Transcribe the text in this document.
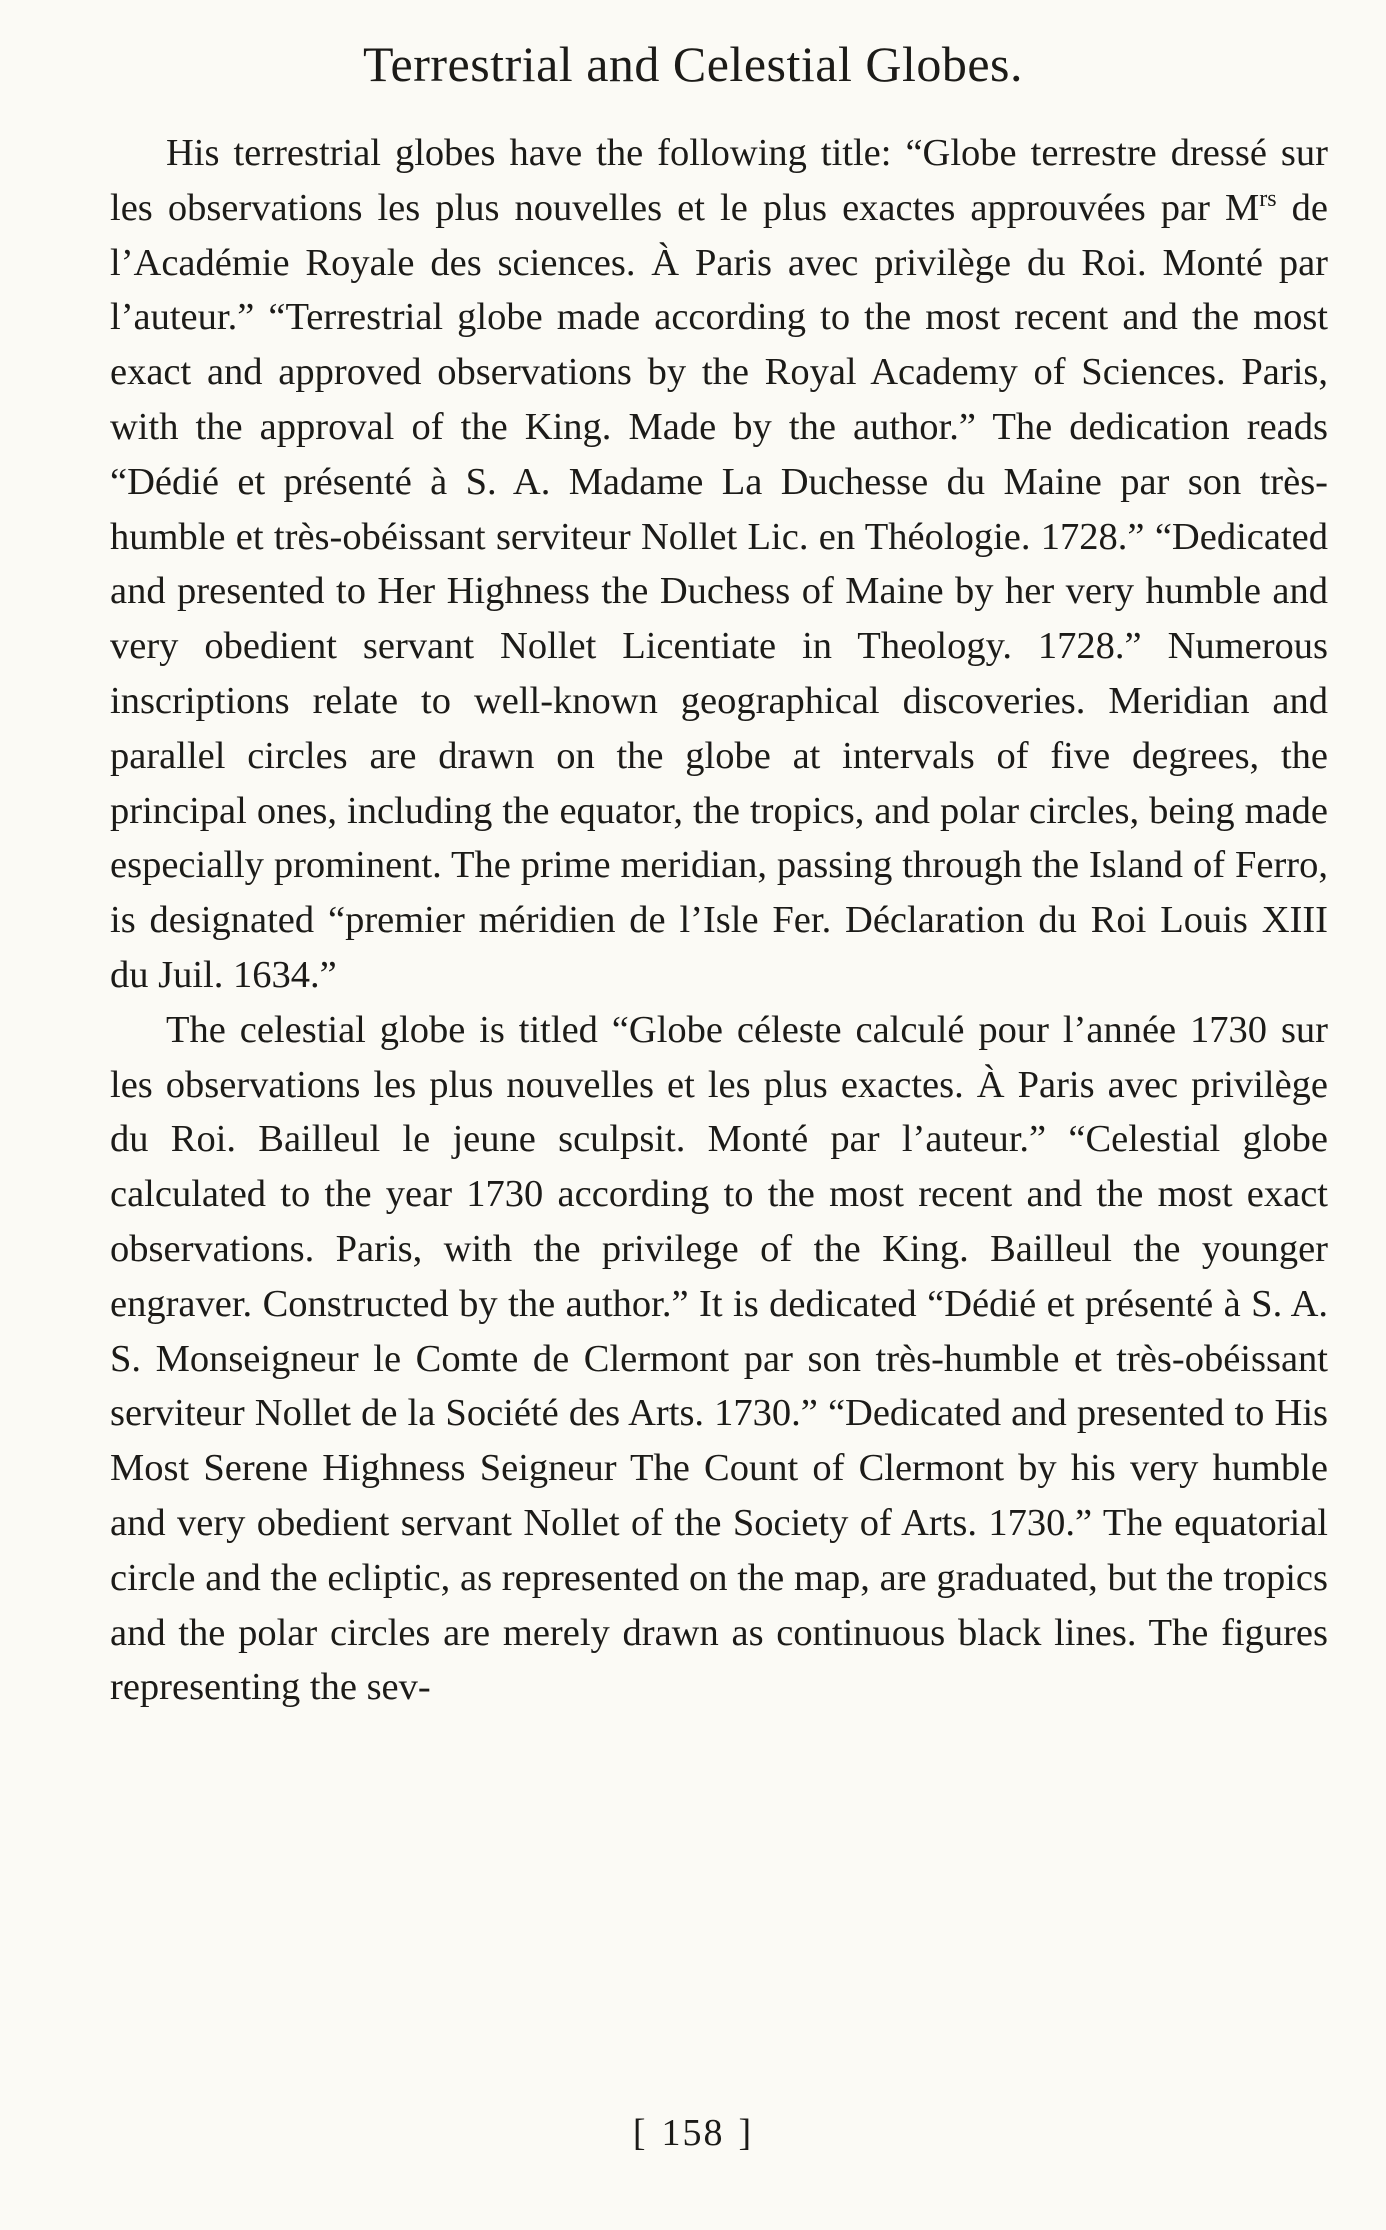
Terrestrial and Celestial Globes.

His terrestrial globes have the following title: “Globe terrestre dressé sur les observations les plus nouvelles et le plus exactes approuvées par $M^{rs}$ de l’Académie Royale des sciences. À Paris avec privilège du Roi. Monté par l’auteur.” “Terrestrial globe made according to the most recent and the most exact and approved observations by the Royal Academy of Sciences. Paris, with the approval of the King. Made by the author.” The dedication reads “Dédié et présenté à S. A. Madame La Duchesse du Maine par son très-humble et très-obéissant serviteur Nollet Lic. en Théologie. 1728.” “Dedicated and presented to Her Highness the Duchess of Maine by her very humble and very obedient servant Nollet Licentiate in Theology. 1728.” Numerous inscriptions relate to well-known geographical discoveries. Meridian and parallel circles are drawn on the globe at intervals of five degrees, the principal ones, including the equator, the tropics, and polar circles, being made especially prominent. The prime meridian, passing through the Island of Ferro, is designated “premier méridien de l’Isle Fer. Déclaration du Roi Louis XIII du Juil. 1634.”

The celestial globe is titled “Globe céleste calculé pour l’année 1730 sur les observations les plus nouvelles et les plus exactes. À Paris avec privilège du Roi. Bailleul le jeune sculpsit. Monté par l’auteur.” “Celestial globe calculated to the year 1730 according to the most recent and the most exact observations. Paris, with the privilege of the King. Bailleul the younger engraver. Constructed by the author.” It is dedicated “Dédié et présenté à S. A. S. Monseigneur le Comte de Clermont par son très-humble et très-obéissant serviteur Nollet de la Société des Arts. 1730.” “Dedicated and presented to His Most Serene Highness Seigneur The Count of Clermont by his very humble and very obedient servant Nollet of the Society of Arts. 1730.” The equatorial circle and the ecliptic, as represented on the map, are graduated, but the tropics and the polar circles are merely drawn as continuous black lines. The figures representing the sev-

[ 158 ]
